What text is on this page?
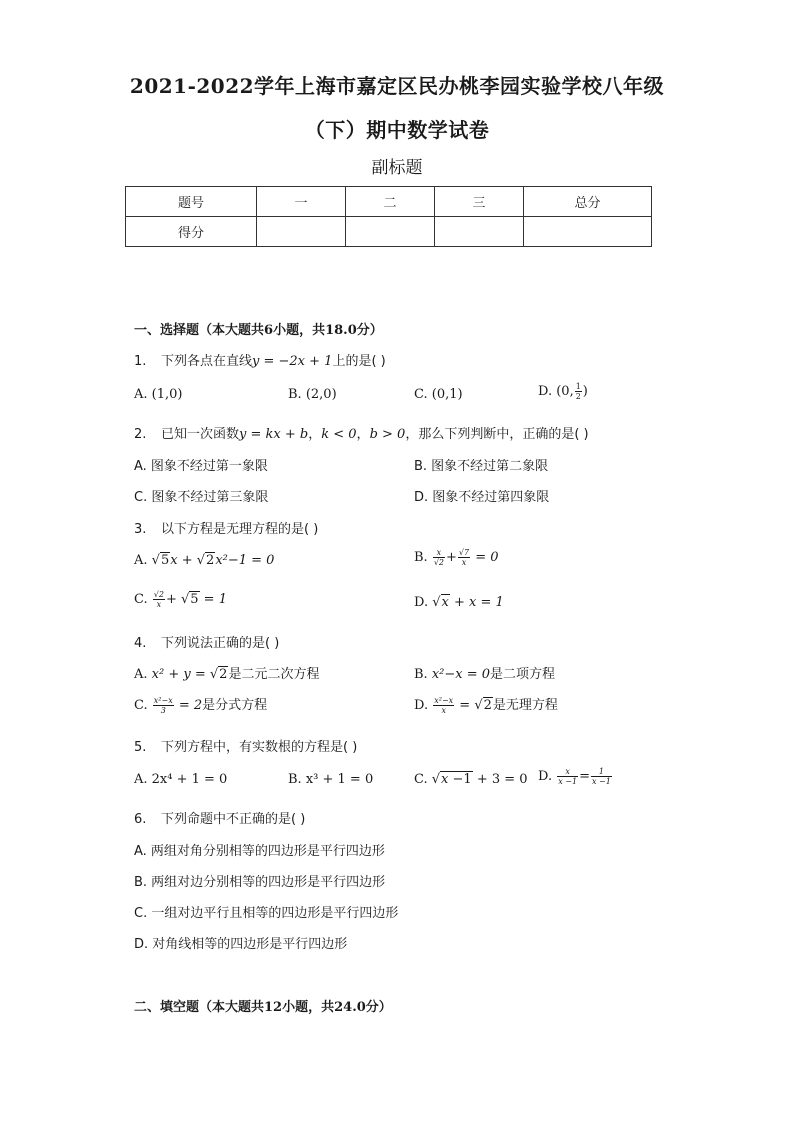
2021-2022学年上海市嘉定区民办桃李园实验学校八年级
（下）期中数学试卷
副标题
题号	一	二	三	总分
得分				
一、选择题（本大题共6小题，共18.0分）
1. 下列各点在直线y = −2x + 1上的是( )
A. (1,0)	B. (2,0)	C. (0,1)	D. (0, $\frac{1}{2}$ )
2. 已知一次函数y = kx + b，k < 0，b > 0，那么下列判断中，正确的是( )
A. 图象不经过第一象限	B. 图象不经过第二象限
C. 图象不经过第三象限	D. 图象不经过第四象限
3. 以下方程是无理方程的是( )
A. √5x + √2x²−1 = 0	B. $\frac{x}{√2} + \frac{√7}{x} = 0$
C. $\frac{√2}{x} + √5 = 1$	D. √x + x = 1
4. 下列说法正确的是( )
A. x² + y = √2是二元二次方程	B. x²−x = 0是二项方程
C. $\frac{\text{x²−x}}{3} = 2$是分式方程	D. $\frac{\text{x²−x}}{x} = √2$是无理方程
5. 下列方程中，有实数根的方程是( )
A. 2x⁴ + 1 = 0	B. x³ + 1 = 0	C. √x −1 + 3 = 0 D. $\frac{x}{x -1} = \frac{1}{x -1}$
6. 下列命题中不正确的是( )
A. 两组对角分别相等的四边形是平行四边形
B. 两组对边分别相等的四边形是平行四边形
C. 一组对边平行且相等的四边形是平行四边形
D. 对角线相等的四边形是平行四边形
二、填空题（本大题共12小题，共24.0分）
